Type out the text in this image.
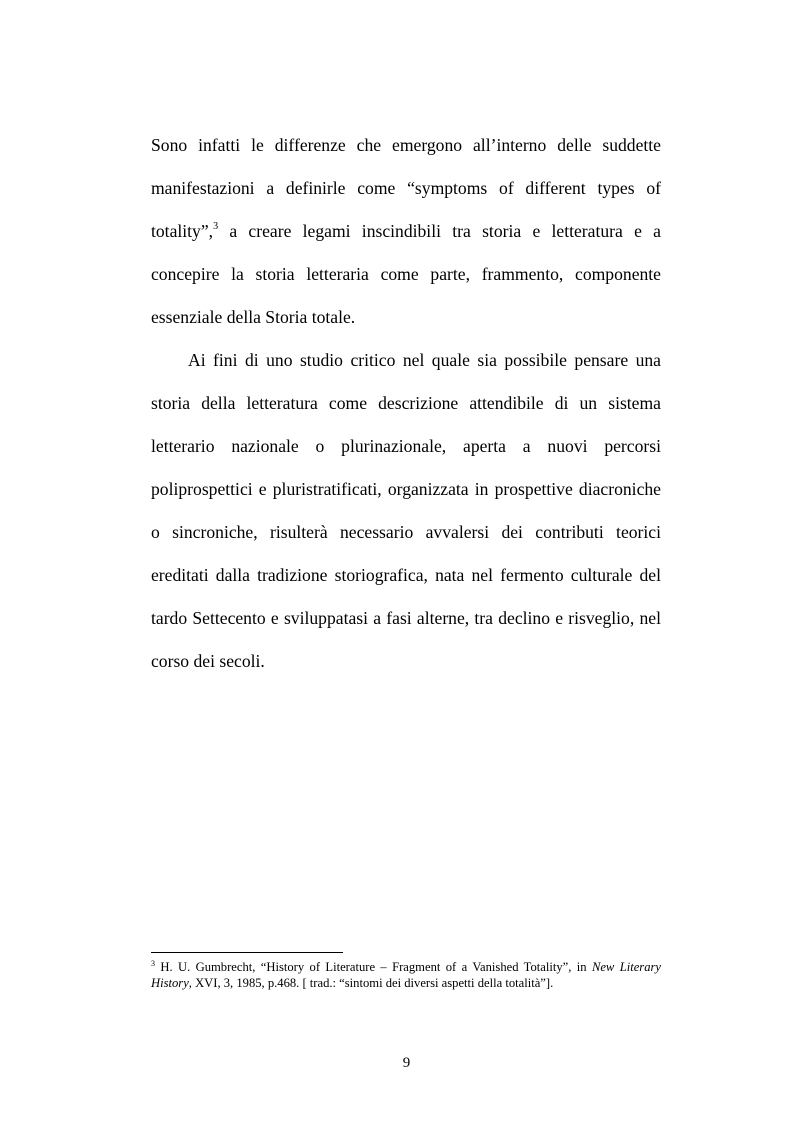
Sono infatti le differenze che emergono all’interno delle suddette manifestazioni a definirle come “symptoms of different types of totality”,$^3$ a creare legami inscindibili tra storia e letteratura e a concepire la storia letteraria come parte, frammento, componente essenziale della Storia totale.

Ai fini di uno studio critico nel quale sia possibile pensare una storia della letteratura come descrizione attendibile di un sistema letterario nazionale o plurinazionale, aperta a nuovi percorsi poliprospettici e pluristratificati, organizzata in prospettive diacroniche o sincroniche, risulterà necessario avvalersi dei contributi teorici ereditati dalla tradizione storiografica, nata nel fermento culturale del tardo Settecento e sviluppatasi a fasi alterne, tra declino e risveglio, nel corso dei secoli.

$^3$ H. U. Gumbrecht, “History of Literature – Fragment of a Vanished Totality”, in New Literary History, XVI, 3, 1985, p.468. [ trad.: “sintomi dei diversi aspetti della totalità”].
9
